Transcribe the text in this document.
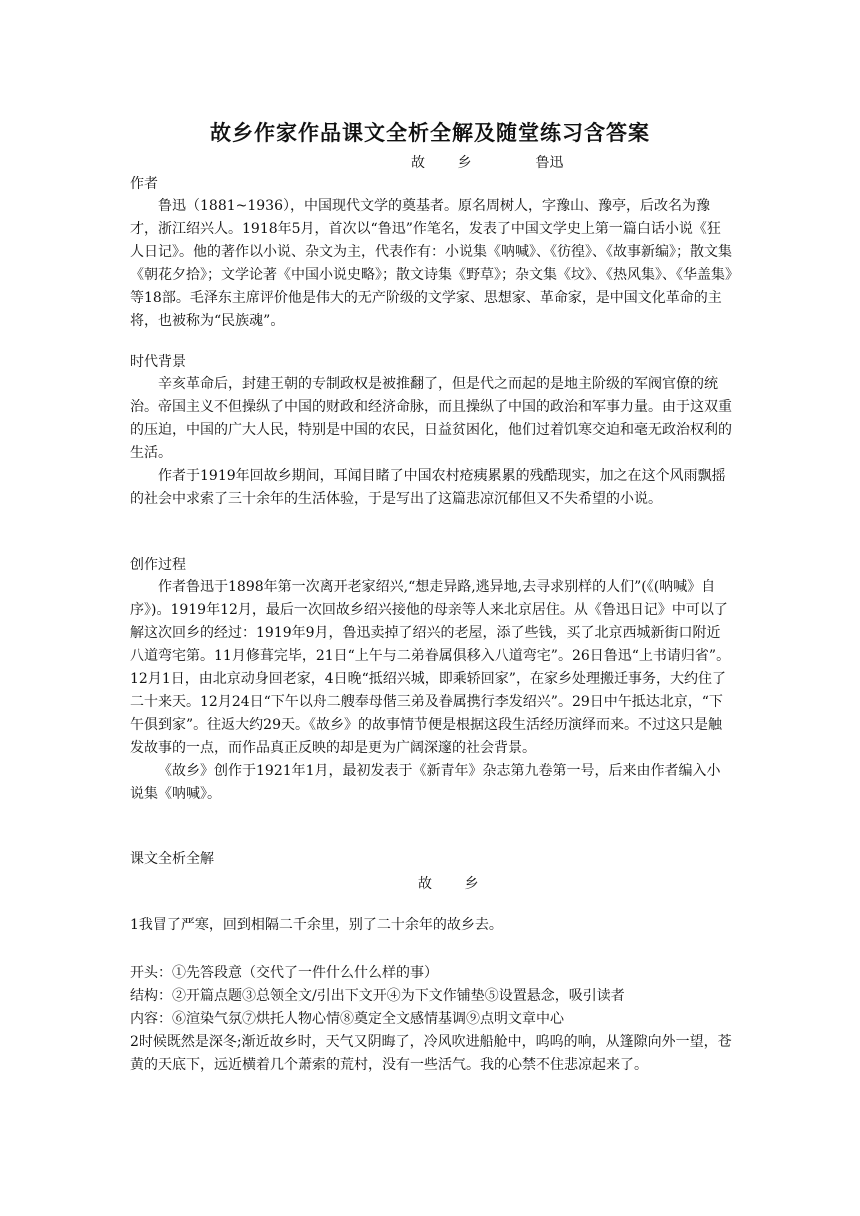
故乡作家作品课文全析全解及随堂练习含答案
故 乡	鲁迅
作者

鲁迅（1881~1936），中国现代文学的奠基者。原名周树人，字豫山、豫亭，后改名为豫才，浙江绍兴人。1918年5月，首次以“鲁迅”作笔名，发表了中国文学史上第一篇白话小说《狂人日记》。他的著作以小说、杂文为主，代表作有：小说集《呐喊》、《彷徨》、《故事新编》；散文集《朝花夕拾》；文学论著《中国小说史略》；散文诗集《野草》；杂文集《坟》、《热风集》、《华盖集》等18部。毛泽东主席评价他是伟大的无产阶级的文学家、思想家、革命家，是中国文化革命的主将，也被称为“民族魂”。

时代背景

辛亥革命后，封建王朝的专制政权是被推翻了，但是代之而起的是地主阶级的军阀官僚的统治。帝国主义不但操纵了中国的财政和经济命脉，而且操纵了中国的政治和军事力量。由于这双重的压迫，中国的广大人民，特别是中国的农民，日益贫困化，他们过着饥寒交迫和毫无政治权利的生活。

作者于1919年回故乡期间，耳闻目睹了中国农村疮痍累累的残酷现实，加之在这个风雨飘摇的社会中求索了三十余年的生活体验，于是写出了这篇悲凉沉郁但又不失希望的小说。

创作过程

作者鲁迅于1898年第一次离开老家绍兴,“想走异路,逃异地,去寻求别样的人们”(《(呐喊》自序》)。1919年12月，最后一次回故乡绍兴接他的母亲等人来北京居住。从《鲁迅日记》中可以了解这次回乡的经过：1919年9月，鲁迅卖掉了绍兴的老屋，添了些钱，买了北京西城新街口附近八道弯宅第。11月修葺完毕，21日“上午与二弟眷属俱移入八道弯宅”。26日鲁迅“上书请归省”。12月1日，由北京动身回老家，4日晚“抵绍兴城，即乘轿回家”，在家乡处理搬迁事务，大约住了二十来天。12月24日“下午以舟二艘奉母偕三弟及眷属携行李发绍兴”。29日中午抵达北京，“下午俱到家”。往返大约29天。《故乡》的故事情节便是根据这段生活经历演绎而来。不过这只是触发故事的一点，而作品真正反映的却是更为广阔深邃的社会背景。

《故乡》创作于1921年1月，最初发表于《新青年》杂志第九卷第一号，后来由作者编入小说集《呐喊》。

课文全析全解
故 乡
1我冒了严寒，回到相隔二千余里，别了二十余年的故乡去。
开头：①先答段意（交代了一件什么什么样的事）
结构：②开篇点题③总领全文/引出下文开④为下文作铺垫⑤设置悬念，吸引读者
内容：⑥渲染气氛⑦烘托人物心情⑧奠定全文感情基调⑨点明文章中心
2时候既然是深冬;渐近故乡时，天气又阴晦了，冷风吹进船舱中，呜呜的响，从篷隙向外一望，苍黄的天底下，远近横着几个萧索的荒村，没有一些活气。我的心禁不住悲凉起来了。
